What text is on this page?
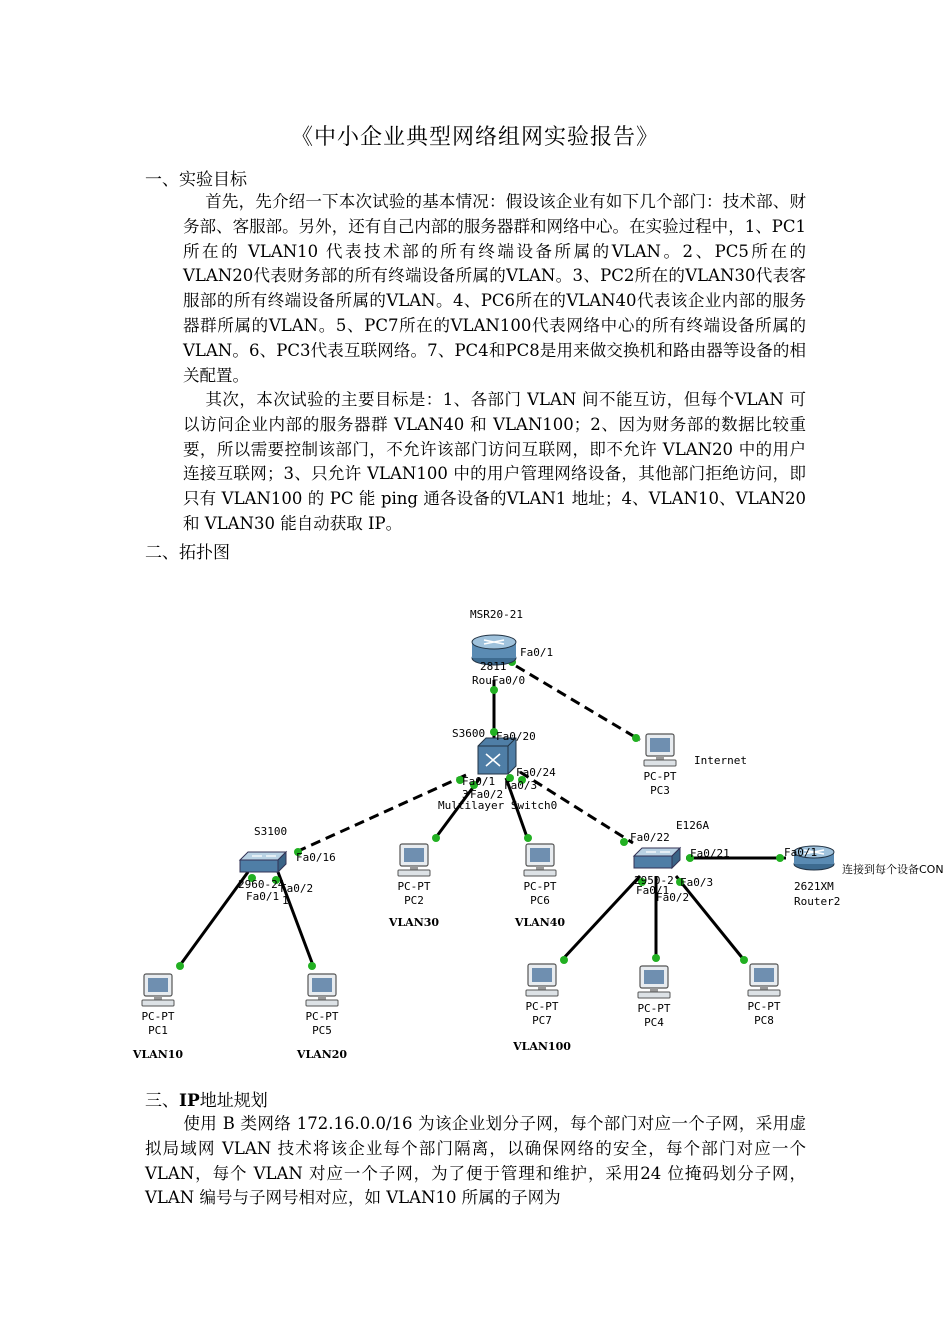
《中小企业典型网络组网实验报告》
一、实验目标
首先，先介绍一下本次试验的基本情况：假设该企业有如下几个部门：技术部、财务部、客服部。另外，还有自己内部的服务器群和网络中心。在实验过程中，1、PC1 所在的 VLAN10 代表技术部的所有终端设备所属的VLAN。2、PC5所在的VLAN20代表财务部的所有终端设备所属的VLAN。3、PC2所在的VLAN30代表客服部的所有终端设备所属的VLAN。4、PC6所在的VLAN40代表该企业内部的服务器群所属的VLAN。5、PC7所在的VLAN100代表网络中心的所有终端设备所属的VLAN。6、PC3代表互联网络。7、PC4和PC8是用来做交换机和路由器等设备的相关配置。
其次，本次试验的主要目标是：1、各部门 VLAN 间不能互访，但每个VLAN 可以访问企业内部的服务器群 VLAN40 和 VLAN100；2、因为财务部的数据比较重要，所以需要控制该部门，不允许该部门访问互联网，即不允许 VLAN20 中的用户连接互联网；3、只允许 VLAN100 中的用户管理网络设备，其他部门拒绝访问，即只有 VLAN100 的 PC 能 ping 通各设备的VLAN1 地址；4、VLAN10、VLAN20 和 VLAN30 能自动获取 IP。
二、拓扑图
MSR20-21
Fa0/1
2811
Rou Fa0/0
S3600 Fa0/20
Fa0/24
Fa0/1 Fa0/3
3 Fa0/2
Multilayer Switch0
S3100
Fa0/16
2960-24
Fa0/2
Fa0/1 1
E126A
Fa0/22
Fa0/21
2950-2 Fa0/3
Fa0/1
Fa0/2
Fa0/1
连接到每个设备CON
2621XM
Router2
Internet
PC-PT
PC3
PC-PT
PC2
VLAN30
PC-PT
PC6
VLAN40
PC-PT
PC1
VLAN10
PC-PT
PC5
VLAN20
PC-PT
PC7
VLAN100
PC-PT
PC4
PC-PT
PC8
三、IP地址规划
使用 B 类网络 172.16.0.0/16 为该企业划分子网，每个部门对应一个子网，采用虚拟局域网 VLAN 技术将该企业每个部门隔离，以确保网络的安全，每个部门对应一个 VLAN，每个 VLAN 对应一个子网，为了便于管理和维护，采用24 位掩码划分子网，VLAN 编号与子网号相对应，如 VLAN10 所属的子网为
